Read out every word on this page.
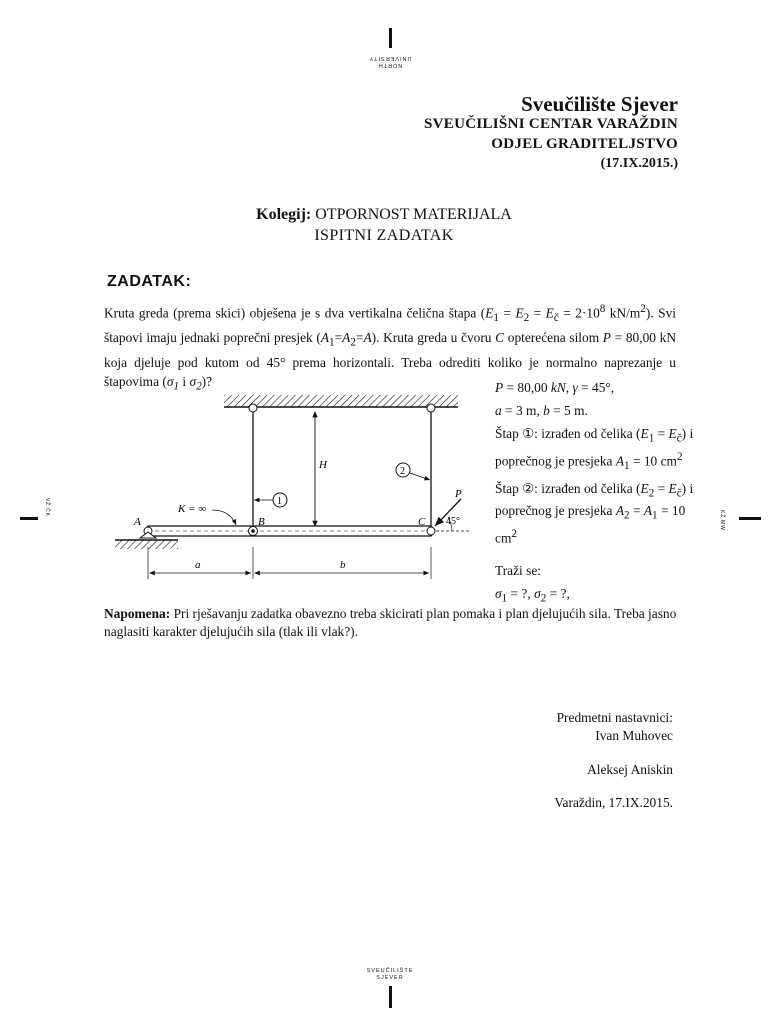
NORTH
UNIVERSITY
Sveučilište Sjever
SVEUČILIŠNI CENTAR VARAŽDIN
ODJEL GRADITELJSTVO
(17.IX.2015.)
Kolegij: OTPORNOST MATERIJALA
ISPITNI ZADATAK
ZADATAK:
Kruta greda (prema skici) obješena je s dva vertikalna čelična štapa ($E_1 = E_2 = E_č = 2\cdot 10^8$ $kN/m^2$). Svi štapovi imaju jednaki poprečni presjek $(A_1=A_2=A)$. Kruta greda u čvoru C opterećena silom P = 80,00 kN koja djeluje pod kutom od 45° prema horizontali. Treba odrediti koliko je normalno naprezanje u štapovima ($\sigma_1$ i $\sigma_2$)?
H
2
1
K = ∞
P
45°
A	B	C
a	b
P = 80,00 kN, γ = 45°,
a = 3 m, b = 5 m.
Štap ①: izrađen od čelika $(E_1 = E_č)$ i poprečnog je presjeka $A_1 = 10$ $cm^2$
Štap ②: izrađen od čelika $(E_2 = E_č)$ i poprečnog je presjeka $A_2 = A_1 = 10$ $cm^2$
Traži se:
$\sigma_1$ = ?, $\sigma_2$ = ?,
Napomena: Pri rješavanju zadatka obavezno treba skicirati plan pomaka i plan djelujućih sila. Treba jasno naglasiti karakter djelujućih sila (tlak ili vlak?).
Predmetni nastavnici:
Ivan Muhovec
Aleksej Aniskin
Varaždin, 17.IX.2015.
VŽ ČK
KŽ MW
SVEUČILIŠTE
SJEVER
